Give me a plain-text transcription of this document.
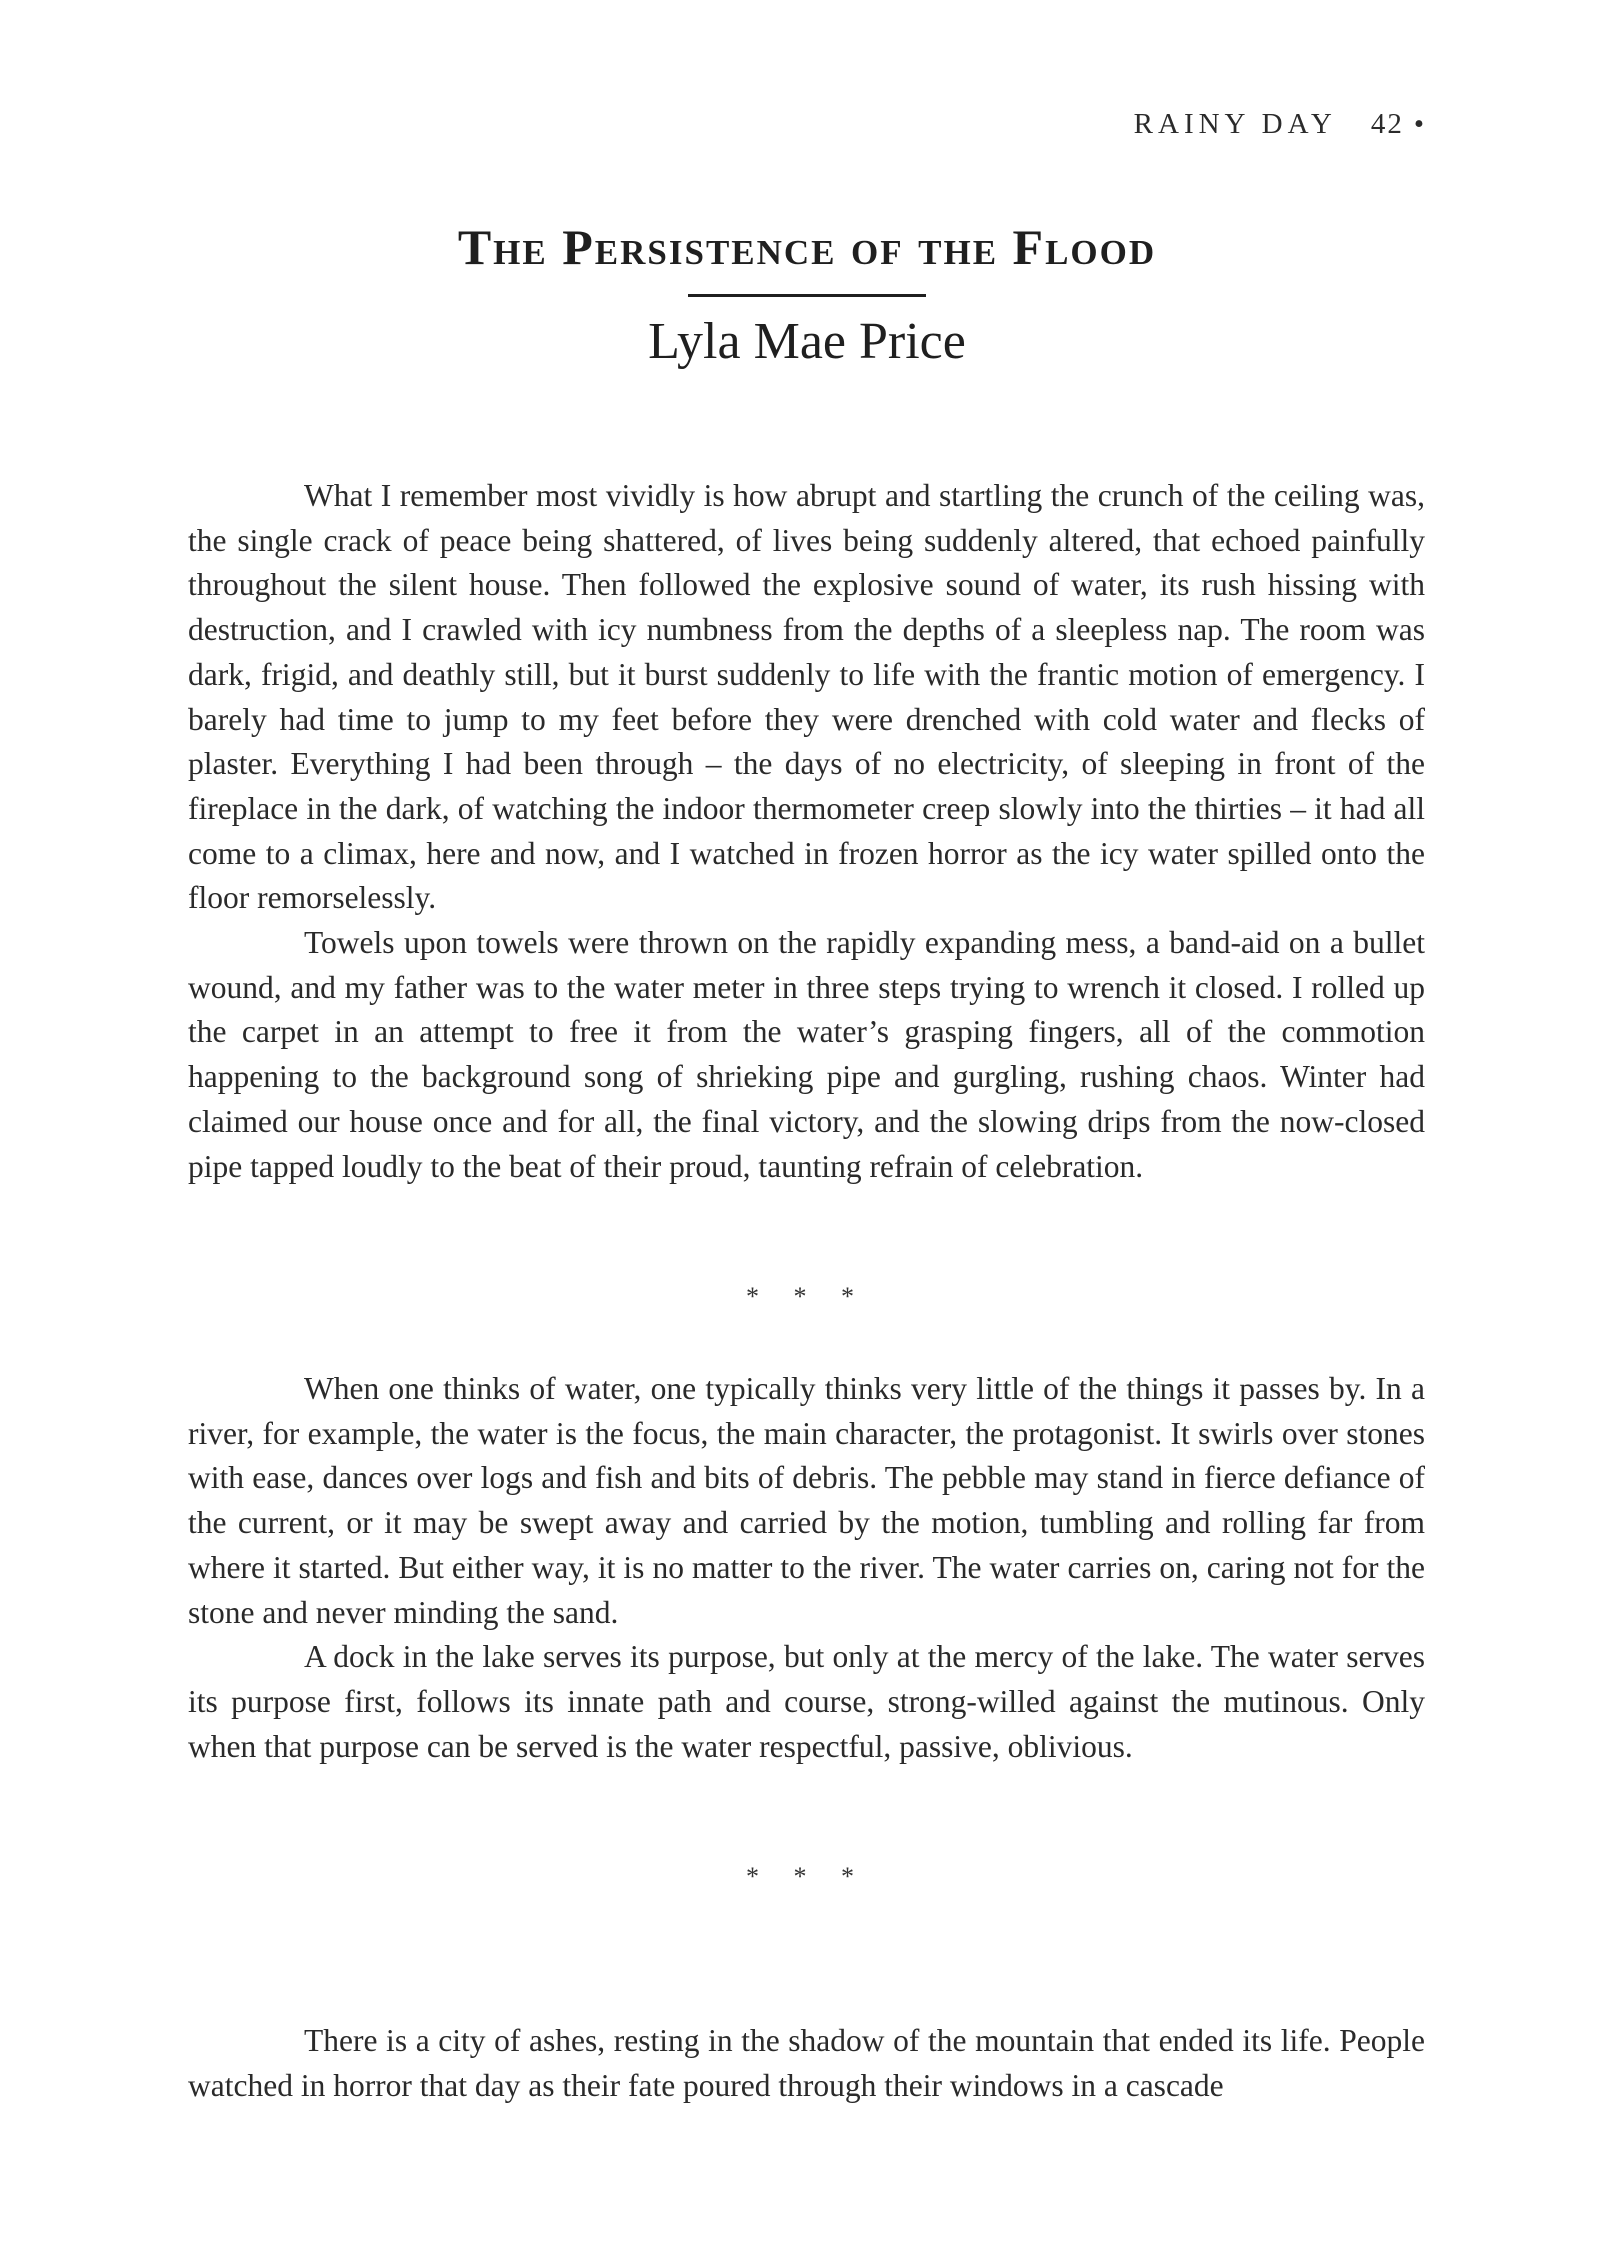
RAINY DAY 42 •
The Persistence of the Flood
Lyla Mae Price

What I remember most vividly is how abrupt and startling the crunch of the ceiling was, the single crack of peace being shattered, of lives being suddenly altered, that echoed painfully throughout the silent house. Then followed the explosive sound of water, its rush hissing with destruction, and I crawled with icy numbness from the depths of a sleepless nap. The room was dark, frigid, and deathly still, but it burst suddenly to life with the frantic motion of emergency. I barely had time to jump to my feet before they were drenched with cold water and flecks of plaster. Everything I had been through – the days of no electricity, of sleeping in front of the fireplace in the dark, of watching the indoor thermometer creep slowly into the thirties – it had all come to a climax, here and now, and I watched in frozen horror as the icy water spilled onto the floor remorselessly.

Towels upon towels were thrown on the rapidly expanding mess, a band-aid on a bullet wound, and my father was to the water meter in three steps trying to wrench it closed. I rolled up the carpet in an attempt to free it from the water’s grasping fingers, all of the commotion happening to the background song of shrieking pipe and gurgling, rushing chaos. Winter had claimed our house once and for all, the final victory, and the slowing drips from the now-closed pipe tapped loudly to the beat of their proud, taunting refrain of celebration.

* * *

When one thinks of water, one typically thinks very little of the things it passes by. In a river, for example, the water is the focus, the main character, the protagonist. It swirls over stones with ease, dances over logs and fish and bits of debris. The pebble may stand in fierce defiance of the current, or it may be swept away and carried by the motion, tumbling and rolling far from where it started. But either way, it is no matter to the river. The water carries on, caring not for the stone and never minding the sand.

A dock in the lake serves its purpose, but only at the mercy of the lake. The water serves its purpose first, follows its innate path and course, strong-willed against the mutinous. Only when that purpose can be served is the water respectful, passive, oblivious.

* * *

There is a city of ashes, resting in the shadow of the mountain that ended its life. People watched in horror that day as their fate poured through their windows in a cascade
